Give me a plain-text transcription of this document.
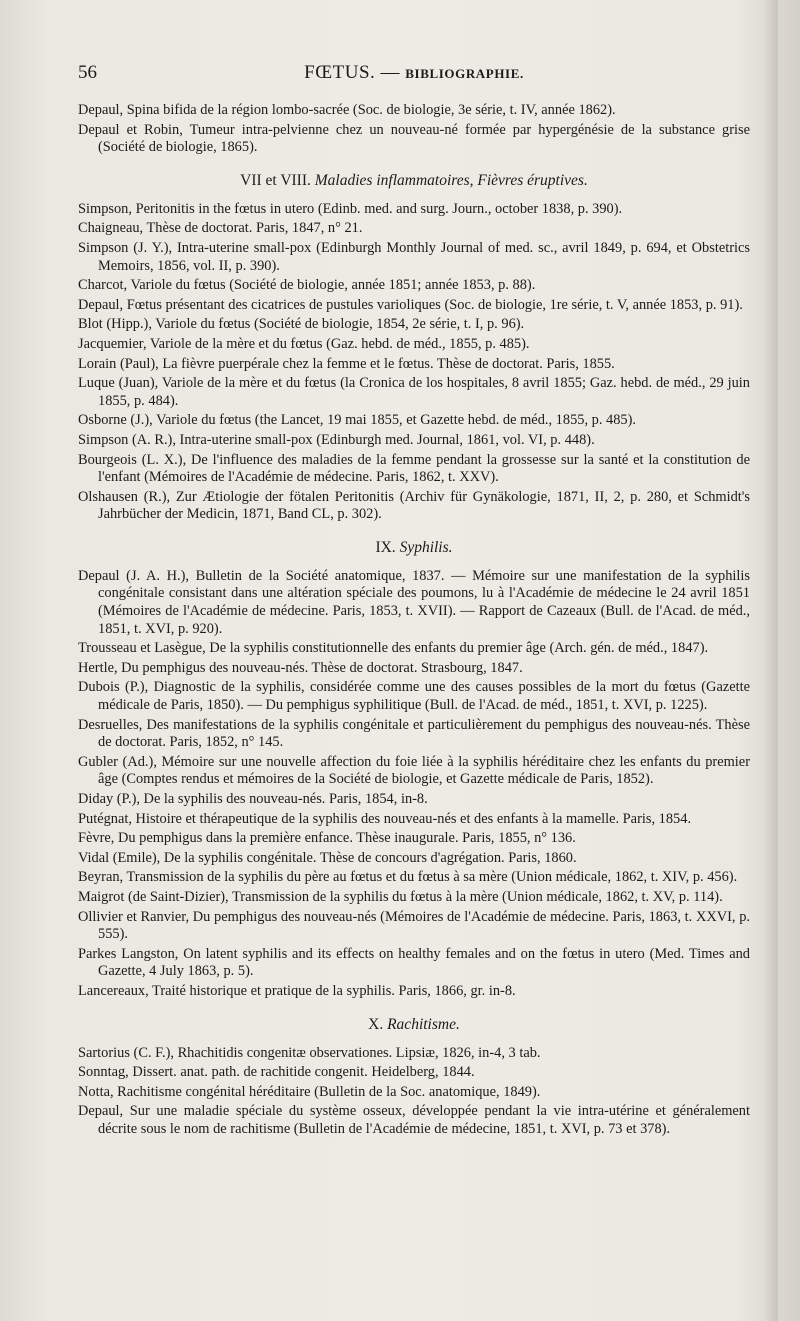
56	FŒTUS. — BIBLIOGRAPHIE.

Depaul, Spina bifida de la région lombo-sacrée (Soc. de biologie, 3e série, t. IV, année 1862).

Depaul et Robin, Tumeur intra-pelvienne chez un nouveau-né formée par hypergénésie de la substance grise (Société de biologie, 1865).

VII et VIII. Maladies inflammatoires, Fièvres éruptives.

Simpson, Peritonitis in the fœtus in utero (Edinb. med. and surg. Journ., october 1838, p. 390).

Chaigneau, Thèse de doctorat. Paris, 1847, n° 21.

Simpson (J. Y.), Intra-uterine small-pox (Edinburgh Monthly Journal of med. sc., avril 1849, p. 694, et Obstetrics Memoirs, 1856, vol. II, p. 390).

Charcot, Variole du fœtus (Société de biologie, année 1851; année 1853, p. 88).

Depaul, Fœtus présentant des cicatrices de pustules varioliques (Soc. de biologie, 1re série, t. V, année 1853, p. 91).

Blot (Hipp.), Variole du fœtus (Société de biologie, 1854, 2e série, t. I, p. 96).

Jacquemier, Variole de la mère et du fœtus (Gaz. hebd. de méd., 1855, p. 485).

Lorain (Paul), La fièvre puerpérale chez la femme et le fœtus. Thèse de doctorat. Paris, 1855.

Luque (Juan), Variole de la mère et du fœtus (la Cronica de los hospitales, 8 avril 1855; Gaz. hebd. de méd., 29 juin 1855, p. 484).

Osborne (J.), Variole du fœtus (the Lancet, 19 mai 1855, et Gazette hebd. de méd., 1855, p. 485).

Simpson (A. R.), Intra-uterine small-pox (Edinburgh med. Journal, 1861, vol. VI, p. 448).

Bourgeois (L. X.), De l'influence des maladies de la femme pendant la grossesse sur la santé et la constitution de l'enfant (Mémoires de l'Académie de médecine. Paris, 1862, t. XXV).

Olshausen (R.), Zur Ætiologie der fötalen Peritonitis (Archiv für Gynäkologie, 1871, II, 2, p. 280, et Schmidt's Jahrbücher der Medicin, 1871, Band CL, p. 302).

IX. Syphilis.

Depaul (J. A. H.), Bulletin de la Société anatomique, 1837. — Mémoire sur une manifestation de la syphilis congénitale consistant dans une altération spéciale des poumons, lu à l'Académie de médecine le 24 avril 1851 (Mémoires de l'Académie de médecine. Paris, 1853, t. XVII). — Rapport de Cazeaux (Bull. de l'Acad. de méd., 1851, t. XVI, p. 920).

Trousseau et Lasègue, De la syphilis constitutionnelle des enfants du premier âge (Arch. gén. de méd., 1847).

Hertle, Du pemphigus des nouveau-nés. Thèse de doctorat. Strasbourg, 1847.

Dubois (P.), Diagnostic de la syphilis, considérée comme une des causes possibles de la mort du fœtus (Gazette médicale de Paris, 1850). — Du pemphigus syphilitique (Bull. de l'Acad. de méd., 1851, t. XVI, p. 1225).

Desruelles, Des manifestations de la syphilis congénitale et particulièrement du pemphigus des nouveau-nés. Thèse de doctorat. Paris, 1852, n° 145.

Gubler (Ad.), Mémoire sur une nouvelle affection du foie liée à la syphilis héréditaire chez les enfants du premier âge (Comptes rendus et mémoires de la Société de biologie, et Gazette médicale de Paris, 1852).

Diday (P.), De la syphilis des nouveau-nés. Paris, 1854, in-8.

Putégnat, Histoire et thérapeutique de la syphilis des nouveau-nés et des enfants à la mamelle. Paris, 1854.

Fèvre, Du pemphigus dans la première enfance. Thèse inaugurale. Paris, 1855, n° 136.

Vidal (Emile), De la syphilis congénitale. Thèse de concours d'agrégation. Paris, 1860.

Beyran, Transmission de la syphilis du père au fœtus et du fœtus à sa mère (Union médicale, 1862, t. XIV, p. 456).

Maigrot (de Saint-Dizier), Transmission de la syphilis du fœtus à la mère (Union médicale, 1862, t. XV, p. 114).

Ollivier et Ranvier, Du pemphigus des nouveau-nés (Mémoires de l'Académie de médecine. Paris, 1863, t. XXVI, p. 555).

Parkes Langston, On latent syphilis and its effects on healthy females and on the fœtus in utero (Med. Times and Gazette, 4 July 1863, p. 5).

Lancereaux, Traité historique et pratique de la syphilis. Paris, 1866, gr. in-8.

X. Rachitisme.

Sartorius (C. F.), Rhachitidis congenitæ observationes. Lipsiæ, 1826, in-4, 3 tab.

Sonntag, Dissert. anat. path. de rachitide congenit. Heidelberg, 1844.

Notta, Rachitisme congénital héréditaire (Bulletin de la Soc. anatomique, 1849).

Depaul, Sur une maladie spéciale du système osseux, développée pendant la vie intra-utérine et généralement décrite sous le nom de rachitisme (Bulletin de l'Académie de médecine, 1851, t. XVI, p. 73 et 378).
